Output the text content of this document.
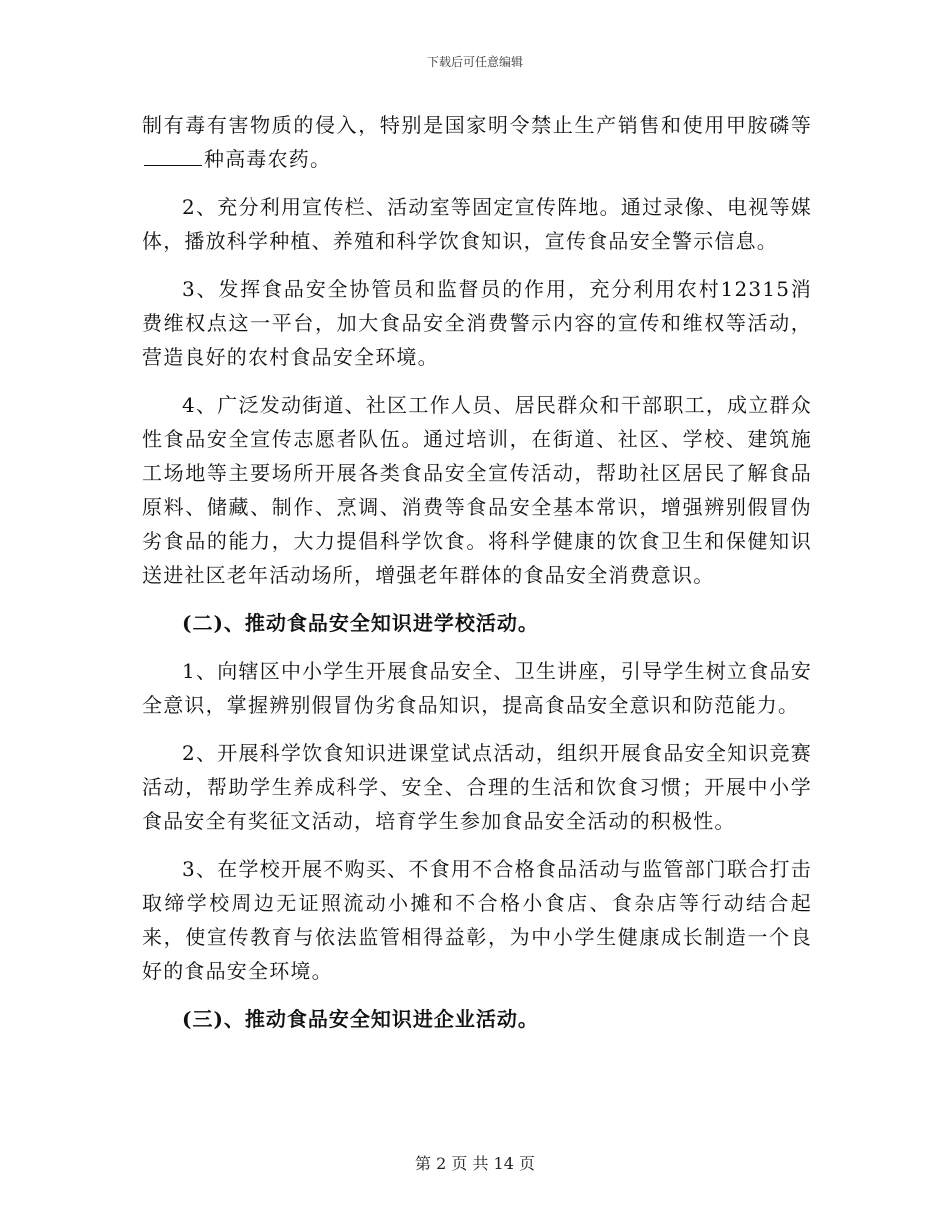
下载后可任意编辑

制有毒有害物质的侵入，特别是国家明令禁止生产销售和使用甲胺磷等种高毒农药。

2、充分利用宣传栏、活动室等固定宣传阵地。通过录像、电视等媒体，播放科学种植、养殖和科学饮食知识，宣传食品安全警示信息。

3、发挥食品安全协管员和监督员的作用，充分利用农村12315消费维权点这一平台，加大食品安全消费警示内容的宣传和维权等活动，营造良好的农村食品安全环境。

4、广泛发动街道、社区工作人员、居民群众和干部职工，成立群众性食品安全宣传志愿者队伍。通过培训，在街道、社区、学校、建筑施工场地等主要场所开展各类食品安全宣传活动，帮助社区居民了解食品原料、储藏、制作、烹调、消费等食品安全基本常识，增强辨别假冒伪劣食品的能力，大力提倡科学饮食。将科学健康的饮食卫生和保健知识送进社区老年活动场所，增强老年群体的食品安全消费意识。

(二)、推动食品安全知识进学校活动。

1、向辖区中小学生开展食品安全、卫生讲座，引导学生树立食品安全意识，掌握辨别假冒伪劣食品知识，提高食品安全意识和防范能力。

2、开展科学饮食知识进课堂试点活动，组织开展食品安全知识竞赛活动，帮助学生养成科学、安全、合理的生活和饮食习惯；开展中小学食品安全有奖征文活动，培育学生参加食品安全活动的积极性。

3、在学校开展不购买、不食用不合格食品活动与监管部门联合打击取缔学校周边无证照流动小摊和不合格小食店、食杂店等行动结合起来，使宣传教育与依法监管相得益彰，为中小学生健康成长制造一个良好的食品安全环境。

(三)、推动食品安全知识进企业活动。

第 2 页 共 14 页
